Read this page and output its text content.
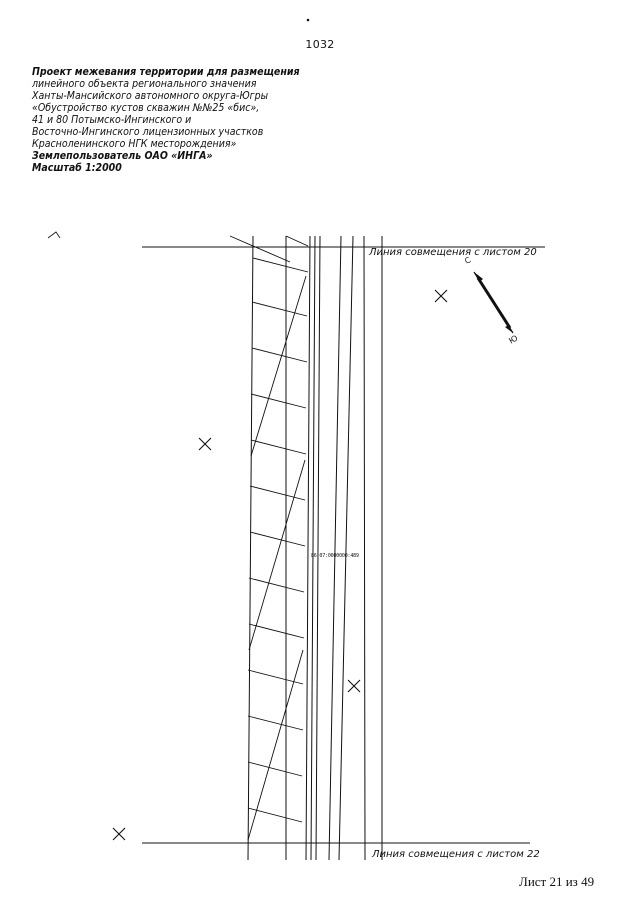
1032
Проект межевания территории для размещения
линейного объекта регионального значения
Ханты-Мансийского автономного округа-Югры
«Обустройство кустов скважин №№25 «бис»,
41 и 80 Потымско-Ингинского и
Восточно-Ингинского лицензионных участков
Красноленинского НГК месторождения»
Землепользователь ОАО «ИНГА»
Масштаб 1:2000
С
Ю
86:07:0000000:489
Линия совмещения с листом 20
Линия совмещения с листом 22
Лист 21 из 49
